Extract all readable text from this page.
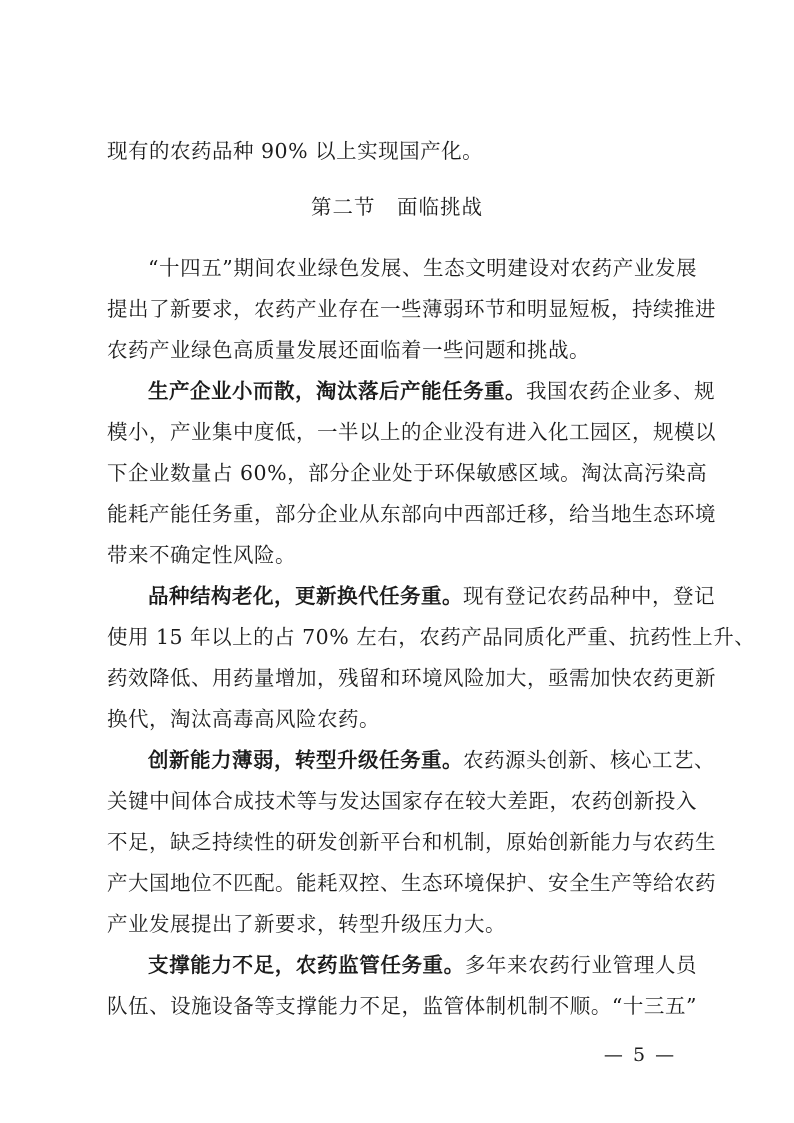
现有的农药品种 90% 以上实现国产化。
第二节　面临挑战
“十四五”期间农业绿色发展、生态文明建设对农药产业发展
提出了新要求，农药产业存在一些薄弱环节和明显短板，持续推进
农药产业绿色高质量发展还面临着一些问题和挑战。
生产企业小而散，淘汰落后产能任务重。我国农药企业多、规
模小，产业集中度低，一半以上的企业没有进入化工园区，规模以
下企业数量占 60%，部分企业处于环保敏感区域。淘汰高污染高
能耗产能任务重，部分企业从东部向中西部迁移，给当地生态环境
带来不确定性风险。
品种结构老化，更新换代任务重。现有登记农药品种中，登记
使用 15 年以上的占 70% 左右，农药产品同质化严重、抗药性上升、
药效降低、用药量增加，残留和环境风险加大，亟需加快农药更新
换代，淘汰高毒高风险农药。
创新能力薄弱，转型升级任务重。农药源头创新、核心工艺、
关键中间体合成技术等与发达国家存在较大差距，农药创新投入
不足，缺乏持续性的研发创新平台和机制，原始创新能力与农药生
产大国地位不匹配。能耗双控、生态环境保护、安全生产等给农药
产业发展提出了新要求，转型升级压力大。
支撑能力不足，农药监管任务重。多年来农药行业管理人员
队伍、设施设备等支撑能力不足，监管体制机制不顺。“十三五”
— 5 —
